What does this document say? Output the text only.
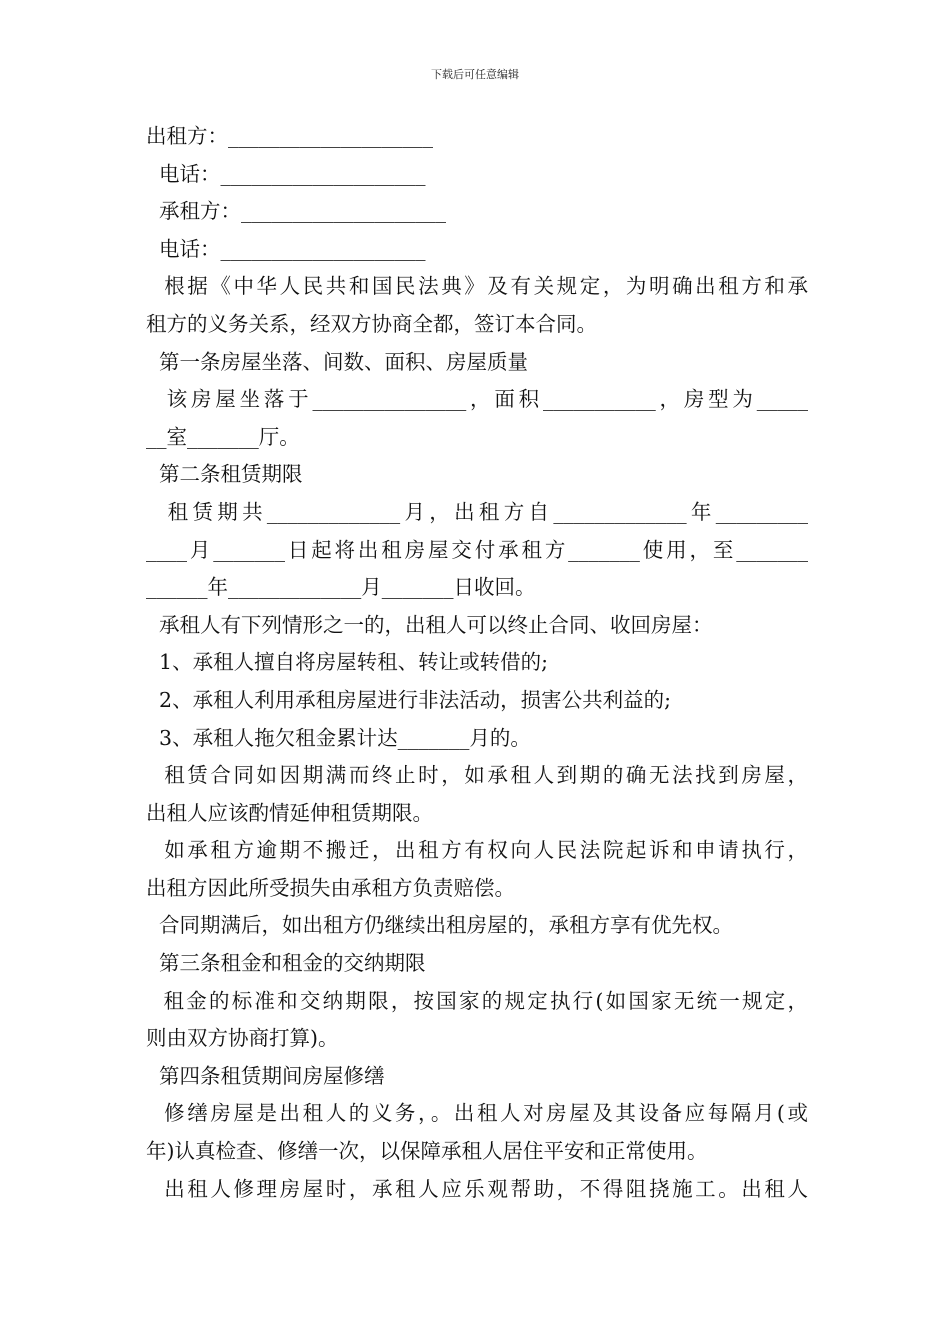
下载后可任意编辑
出租方：____________________
电话：____________________
承租方：____________________
电话：____________________
根据《中华人民共和国民法典》及有关规定，为明确出租方和承
租方的义务关系，经双方协商全都，签订本合同。
第一条房屋坐落、间数、面积、房屋质量
该房屋坐落于_______________，面积___________，房型为_____
__室_______厅。
第二条租赁期限
租赁期共_____________月，出租方自_____________年_________
____月_______日起将出租房屋交付承租方_______使用，至_______
______年_____________月_______日收回。
承租人有下列情形之一的，出租人可以终止合同、收回房屋：
1、承租人擅自将房屋转租、转让或转借的;
2、承租人利用承租房屋进行非法活动，损害公共利益的;
3、承租人拖欠租金累计达_______月的。
租赁合同如因期满而终止时，如承租人到期的确无法找到房屋，
出租人应该酌情延伸租赁期限。
如承租方逾期不搬迁，出租方有权向人民法院起诉和申请执行，
出租方因此所受损失由承租方负责赔偿。
合同期满后，如出租方仍继续出租房屋的，承租方享有优先权。
第三条租金和租金的交纳期限
租金的标准和交纳期限，按国家的规定执行(如国家无统一规定，
则由双方协商打算)。
第四条租赁期间房屋修缮
修缮房屋是出租人的义务，。出租人对房屋及其设备应每隔月(或
年)认真检查、修缮一次，以保障承租人居住平安和正常使用。
出租人修理房屋时，承租人应乐观帮助，不得阻挠施工。出租人
